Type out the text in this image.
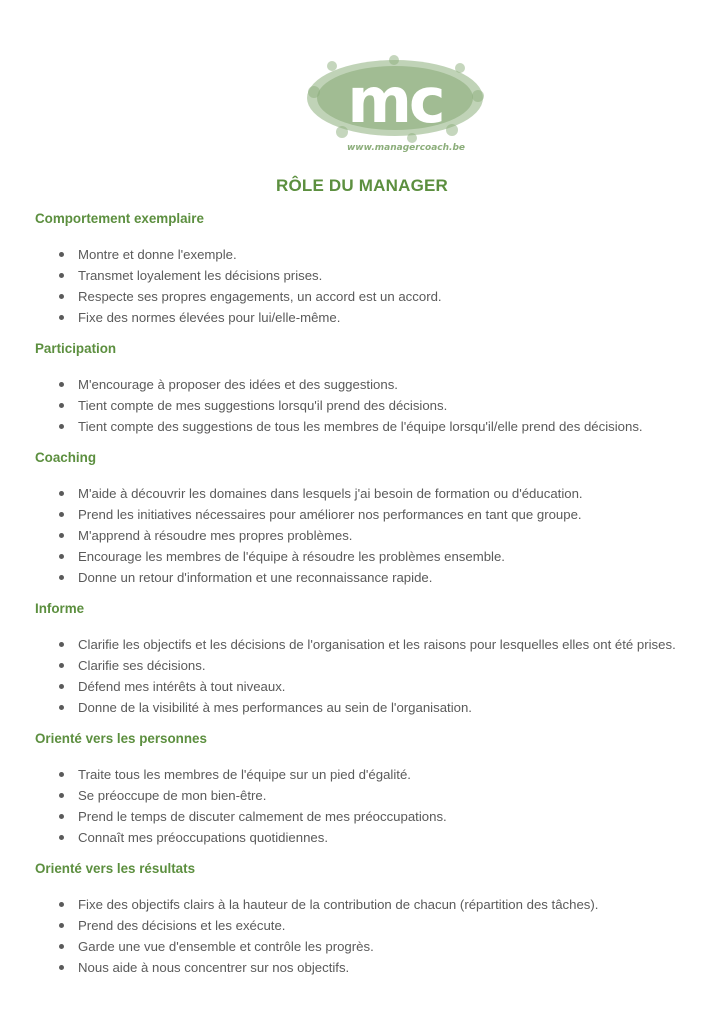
mc
www.managercoach.be
RÔLE DU MANAGER
Comportement exemplaire
Montre et donne l'exemple.
Transmet loyalement les décisions prises.
Respecte ses propres engagements, un accord est un accord.
Fixe des normes élevées pour lui/elle-même.
Participation
M'encourage à proposer des idées et des suggestions.
Tient compte de mes suggestions lorsqu'il prend des décisions.
Tient compte des suggestions de tous les membres de l'équipe lorsqu'il/elle prend des décisions.
Coaching
M'aide à découvrir les domaines dans lesquels j'ai besoin de formation ou d'éducation.
Prend les initiatives nécessaires pour améliorer nos performances en tant que groupe.
M'apprend à résoudre mes propres problèmes.
Encourage les membres de l'équipe à résoudre les problèmes ensemble.
Donne un retour d'information et une reconnaissance rapide.
Informe
Clarifie les objectifs et les décisions de l'organisation et les raisons pour lesquelles elles ont été prises.
Clarifie ses décisions.
Défend mes intérêts à tout niveaux.
Donne de la visibilité à mes performances au sein de l'organisation.
Orienté vers les personnes
Traite tous les membres de l'équipe sur un pied d'égalité.
Se préoccupe de mon bien-être.
Prend le temps de discuter calmement de mes préoccupations.
Connaît mes préoccupations quotidiennes.
Orienté vers les résultats
Fixe des objectifs clairs à la hauteur de la contribution de chacun (répartition des tâches).
Prend des décisions et les exécute.
Garde une vue d'ensemble et contrôle les progrès.
Nous aide à nous concentrer sur nos objectifs.
